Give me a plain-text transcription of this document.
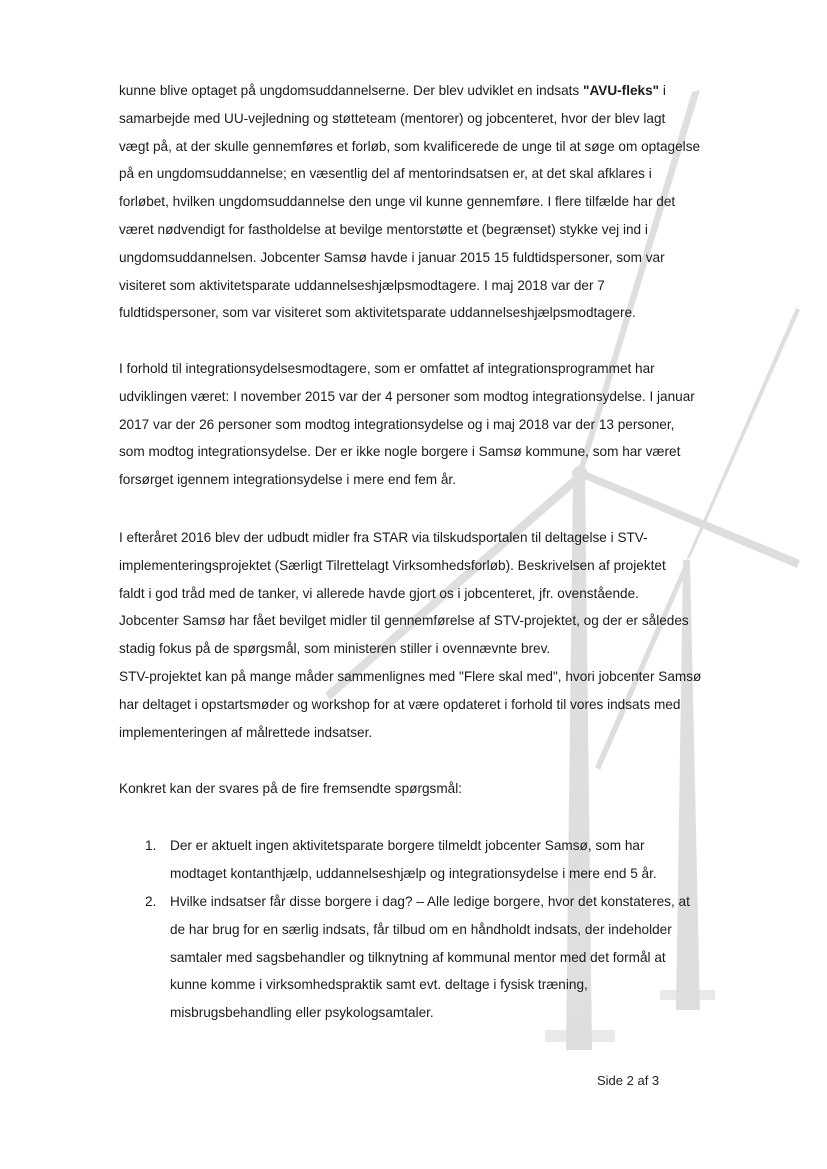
kunne blive optaget på ungdomsuddannelserne. Der blev udviklet en indsats "AVU-fleks" i
samarbejde med UU-vejledning og støtteteam (mentorer) og jobcenteret, hvor der blev lagt
vægt på, at der skulle gennemføres et forløb, som kvalificerede de unge til at søge om optagelse
på en ungdomsuddannelse; en væsentlig del af mentorindsatsen er, at det skal afklares i
forløbet, hvilken ungdomsuddannelse den unge vil kunne gennemføre. I flere tilfælde har det
været nødvendigt for fastholdelse at bevilge mentorstøtte et (begrænset) stykke vej ind i
ungdomsuddannelsen. Jobcenter Samsø havde i januar 2015 15 fuldtidspersoner, som var
visiteret som aktivitetsparate uddannelseshjælpsmodtagere. I maj 2018 var der 7
fuldtidspersoner, som var visiteret som aktivitetsparate uddannelseshjælpsmodtagere.

I forhold til integrationsydelsesmodtagere, som er omfattet af integrationsprogrammet har
udviklingen været: I november 2015 var der 4 personer som modtog integrationsydelse. I januar
2017 var der 26 personer som modtog integrationsydelse og i maj 2018 var der 13 personer,
som modtog integrationsydelse. Der er ikke nogle borgere i Samsø kommune, som har været
forsørget igennem integrationsydelse i mere end fem år.

I efteråret 2016 blev der udbudt midler fra STAR via tilskudsportalen til deltagelse i STV-
implementeringsprojektet (Særligt Tilrettelagt Virksomhedsforløb). Beskrivelsen af projektet
faldt i god tråd med de tanker, vi allerede havde gjort os i jobcenteret, jfr. ovenstående.
Jobcenter Samsø har fået bevilget midler til gennemførelse af STV-projektet, og der er således
stadig fokus på de spørgsmål, som ministeren stiller i ovennævnte brev.
STV-projektet kan på mange måder sammenlignes med "Flere skal med", hvori jobcenter Samsø
har deltaget i opstartsmøder og workshop for at være opdateret i forhold til vores indsats med
implementeringen af målrettede indsatser.

Konkret kan der svares på de fire fremsendte spørgsmål:

1. Der er aktuelt ingen aktivitetsparate borgere tilmeldt jobcenter Samsø, som har
modtaget kontanthjælp, uddannelseshjælp og integrationsydelse i mere end 5 år.
2. Hvilke indsatser får disse borgere i dag? – Alle ledige borgere, hvor det konstateres, at
de har brug for en særlig indsats, får tilbud om en håndholdt indsats, der indeholder
samtaler med sagsbehandler og tilknytning af kommunal mentor med det formål at
kunne komme i virksomhedspraktik samt evt. deltage i fysisk træning,
misbrugsbehandling eller psykologsamtaler.
Side 2 af 3
